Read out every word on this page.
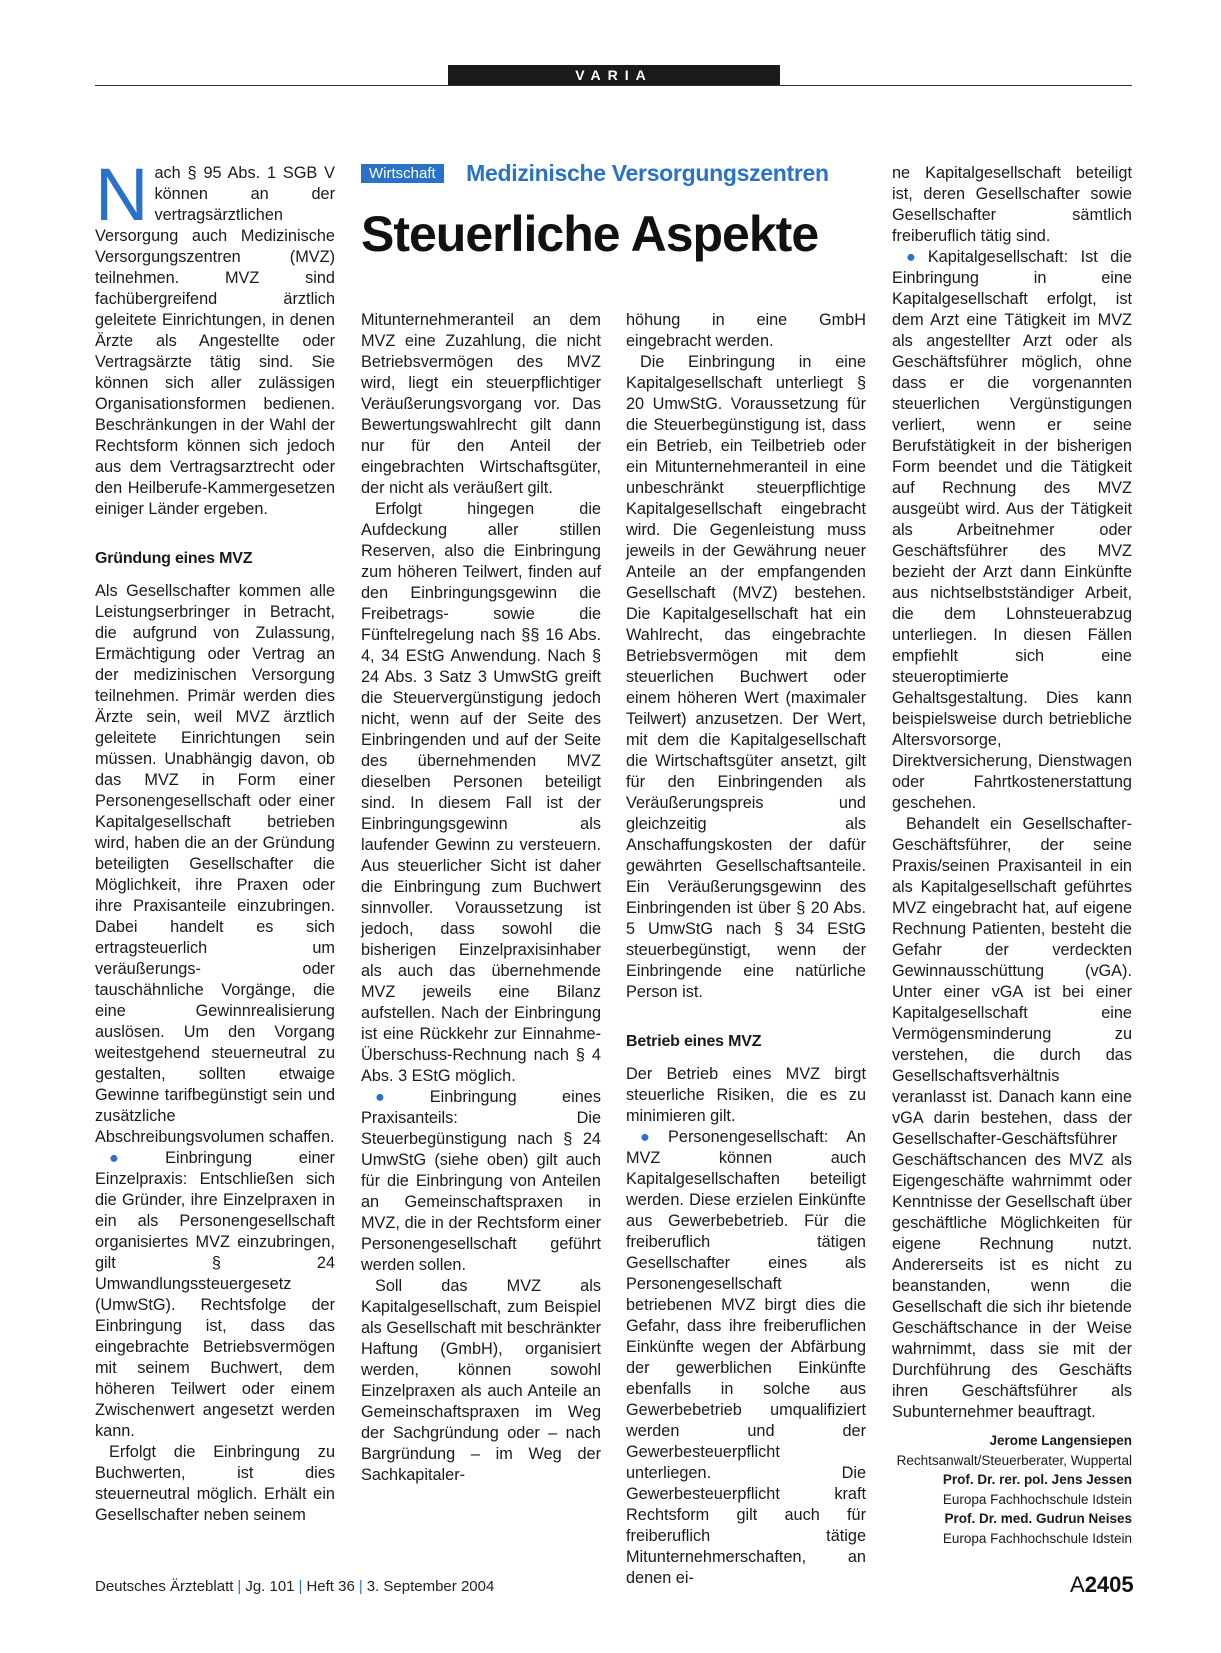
VARIA

Nach § 95 Abs. 1 SGB V können an der vertragsärztlichen Versorgung auch Medizinische Versorgungszentren (MVZ) teilnehmen. MVZ sind fachübergreifend ärztlich geleitete Einrichtungen, in denen Ärzte als Angestellte oder Vertragsärzte tätig sind. Sie können sich aller zulässigen Organisationsformen bedienen. Beschränkungen in der Wahl der Rechtsform können sich jedoch aus dem Vertragsarztrecht oder den Heilberufe-Kammergesetzen einiger Länder ergeben.

Gründung eines MVZ

Als Gesellschafter kommen alle Leistungserbringer in Betracht, die aufgrund von Zulassung, Ermächtigung oder Vertrag an der medizinischen Versorgung teilnehmen. Primär werden dies Ärzte sein, weil MVZ ärztlich geleitete Einrichtungen sein müssen. Unabhängig davon, ob das MVZ in Form einer Personengesellschaft oder einer Kapitalgesellschaft betrieben wird, haben die an der Gründung beteiligten Gesellschafter die Möglichkeit, ihre Praxen oder ihre Praxisanteile einzubringen. Dabei handelt es sich ertragsteuerlich um veräußerungs- oder tauschähnliche Vorgänge, die eine Gewinnrealisierung auslösen. Um den Vorgang weitestgehend steuerneutral zu gestalten, sollten etwaige Gewinne tarifbegünstigt sein und zusätzliche Abschreibungsvolumen schaffen.

● Einbringung einer Einzelpraxis: Entschließen sich die Gründer, ihre Einzelpraxen in ein als Personengesellschaft organisiertes MVZ einzubringen, gilt § 24 Umwandlungssteuergesetz (UmwStG). Rechtsfolge der Einbringung ist, dass das eingebrachte Betriebsvermögen mit seinem Buchwert, dem höheren Teilwert oder einem Zwischenwert angesetzt werden kann.

Erfolgt die Einbringung zu Buchwerten, ist dies steuerneutral möglich. Erhält ein Gesellschafter neben seinem

Wirtschaft Medizinische Versorgungszentren
Steuerliche Aspekte

Mitunternehmeranteil an dem MVZ eine Zuzahlung, die nicht Betriebsvermögen des MVZ wird, liegt ein steuerpflichtiger Veräußerungsvorgang vor. Das Bewertungswahlrecht gilt dann nur für den Anteil der eingebrachten Wirtschaftsgüter, der nicht als veräußert gilt.

Erfolgt hingegen die Aufdeckung aller stillen Reserven, also die Einbringung zum höheren Teilwert, finden auf den Einbringungsgewinn die Freibetrags- sowie die Fünftelregelung nach §§ 16 Abs. 4, 34 EStG Anwendung. Nach § 24 Abs. 3 Satz 3 UmwStG greift die Steuervergünstigung jedoch nicht, wenn auf der Seite des Einbringenden und auf der Seite des übernehmenden MVZ dieselben Personen beteiligt sind. In diesem Fall ist der Einbringungsgewinn als laufender Gewinn zu versteuern. Aus steuerlicher Sicht ist daher die Einbringung zum Buchwert sinnvoller. Voraussetzung ist jedoch, dass sowohl die bisherigen Einzelpraxisinhaber als auch das übernehmende MVZ jeweils eine Bilanz aufstellen. Nach der Einbringung ist eine Rückkehr zur Einnahme-Überschuss-Rechnung nach § 4 Abs. 3 EStG möglich.

● Einbringung eines Praxisanteils: Die Steuerbegünstigung nach § 24 UmwStG (siehe oben) gilt auch für die Einbringung von Anteilen an Gemeinschaftspraxen in MVZ, die in der Rechtsform einer Personengesellschaft geführt werden sollen.

Soll das MVZ als Kapitalgesellschaft, zum Beispiel als Gesellschaft mit beschränkter Haftung (GmbH), organisiert werden, können sowohl Einzelpraxen als auch Anteile an Gemeinschaftspraxen im Weg der Sachgründung oder – nach Bargründung – im Weg der Sachkapitaler-

höhung in eine GmbH eingebracht werden.

Die Einbringung in eine Kapitalgesellschaft unterliegt § 20 UmwStG. Voraussetzung für die Steuerbegünstigung ist, dass ein Betrieb, ein Teilbetrieb oder ein Mitunternehmeranteil in eine unbeschränkt steuerpflichtige Kapitalgesellschaft eingebracht wird. Die Gegenleistung muss jeweils in der Gewährung neuer Anteile an der empfangenden Gesellschaft (MVZ) bestehen. Die Kapitalgesellschaft hat ein Wahlrecht, das eingebrachte Betriebsvermögen mit dem steuerlichen Buchwert oder einem höheren Wert (maximaler Teilwert) anzusetzen. Der Wert, mit dem die Kapitalgesellschaft die Wirtschaftsgüter ansetzt, gilt für den Einbringenden als Veräußerungspreis und gleichzeitig als Anschaffungskosten der dafür gewährten Gesellschaftsanteile. Ein Veräußerungsgewinn des Einbringenden ist über § 20 Abs. 5 UmwStG nach § 34 EStG steuerbegünstigt, wenn der Einbringende eine natürliche Person ist.

Betrieb eines MVZ

Der Betrieb eines MVZ birgt steuerliche Risiken, die es zu minimieren gilt.

● Personengesellschaft: An MVZ können auch Kapitalgesellschaften beteiligt werden. Diese erzielen Einkünfte aus Gewerbebetrieb. Für die freiberuflich tätigen Gesellschafter eines als Personengesellschaft betriebenen MVZ birgt dies die Gefahr, dass ihre freiberuflichen Einkünfte wegen der Abfärbung der gewerblichen Einkünfte ebenfalls in solche aus Gewerbebetrieb umqualifiziert werden und der Gewerbesteuerpflicht unterliegen. Die Gewerbesteuerpflicht kraft Rechtsform gilt auch für freiberuflich tätige Mitunternehmerschaften, an denen ei-

ne Kapitalgesellschaft beteiligt ist, deren Gesellschafter sowie Gesellschafter sämtlich freiberuflich tätig sind.

● Kapitalgesellschaft: Ist die Einbringung in eine Kapitalgesellschaft erfolgt, ist dem Arzt eine Tätigkeit im MVZ als angestellter Arzt oder als Geschäftsführer möglich, ohne dass er die vorgenannten steuerlichen Vergünstigungen verliert, wenn er seine Berufstätigkeit in der bisherigen Form beendet und die Tätigkeit auf Rechnung des MVZ ausgeübt wird. Aus der Tätigkeit als Arbeitnehmer oder Geschäftsführer des MVZ bezieht der Arzt dann Einkünfte aus nichtselbstständiger Arbeit, die dem Lohnsteuerabzug unterliegen. In diesen Fällen empfiehlt sich eine steueroptimierte Gehaltsgestaltung. Dies kann beispielsweise durch betriebliche Altersvorsorge, Direktversicherung, Dienstwagen oder Fahrtkostenerstattung geschehen.

Behandelt ein Gesellschafter-Geschäftsführer, der seine Praxis/seinen Praxisanteil in ein als Kapitalgesellschaft geführtes MVZ eingebracht hat, auf eigene Rechnung Patienten, besteht die Gefahr der verdeckten Gewinnausschüttung (vGA). Unter einer vGA ist bei einer Kapitalgesellschaft eine Vermögensminderung zu verstehen, die durch das Gesellschaftsverhältnis veranlasst ist. Danach kann eine vGA darin bestehen, dass der Gesellschafter-Geschäftsführer Geschäftschancen des MVZ als Eigengeschäfte wahrnimmt oder Kenntnisse der Gesellschaft über geschäftliche Möglichkeiten für eigene Rechnung nutzt. Andererseits ist es nicht zu beanstanden, wenn die Gesellschaft die sich ihr bietende Geschäftschance in der Weise wahrnimmt, dass sie mit der Durchführung des Geschäfts ihren Geschäftsführer als Subunternehmer beauftragt.

Jerome Langensiepen
Rechtsanwalt/Steuerberater, Wuppertal
Prof. Dr. rer. pol. Jens Jessen
Europa Fachhochschule Idstein
Prof. Dr. med. Gudrun Neises
Europa Fachhochschule Idstein
Deutsches Ärzteblatt | Jg. 101 | Heft 36 | 3. September 2004	A2405
